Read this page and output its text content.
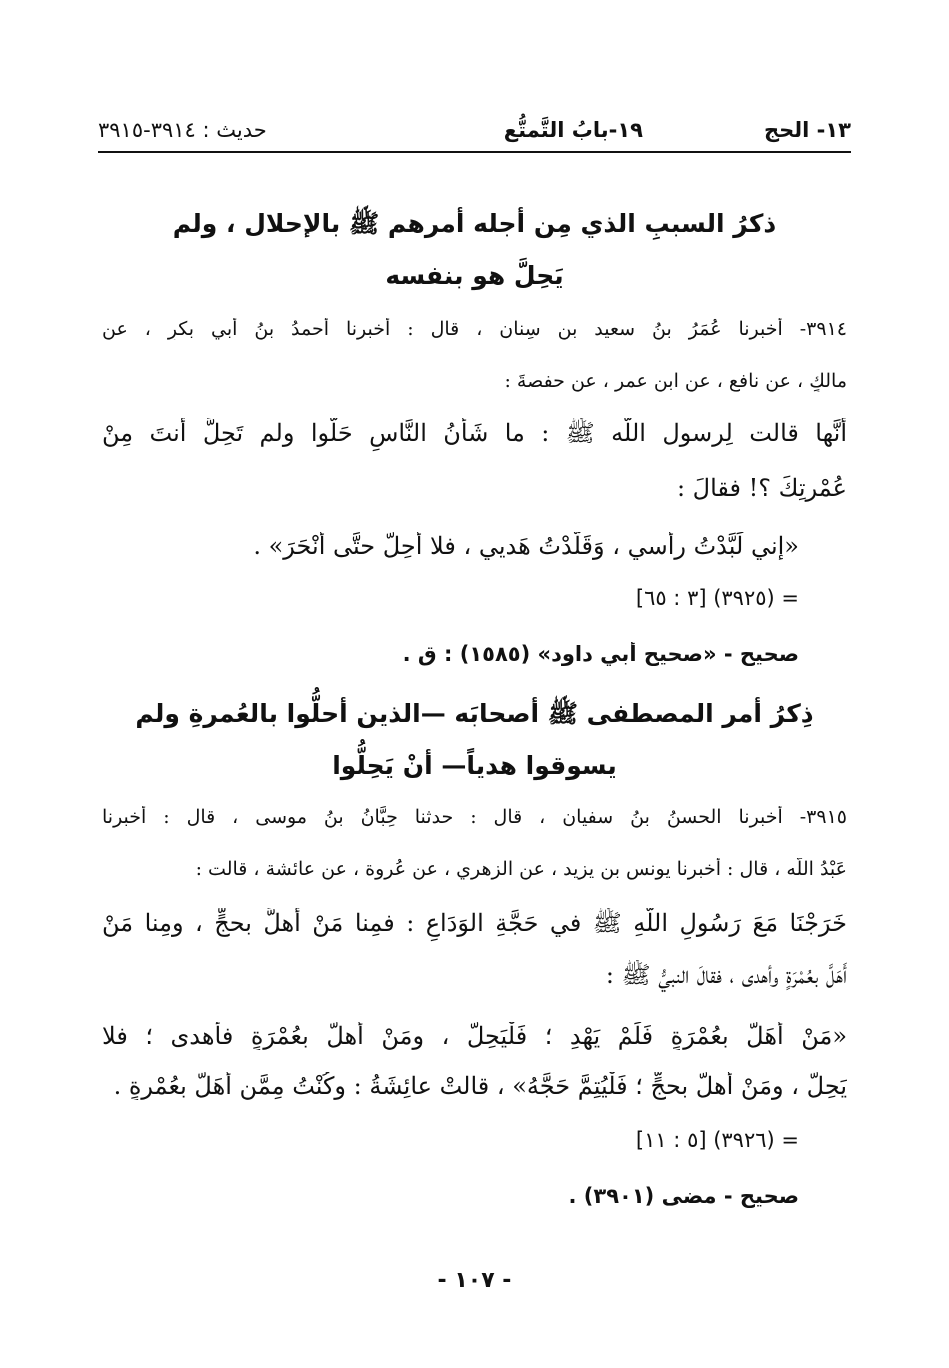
١٣- الحج
١٩-بابُ التَّمتُّع
حديث : ٣٩١٤-٣٩١٥
ذكرُ السببِ الذي مِن أجله أمرهم ﷺ بالإحلال ، ولم
يَحِلَّ هو بنفسه
٣٩١٤- أخبرنا عُمَرُ بنُ سعيد بن سِنان ، قال : أخبرنا أحمدُ بنُ أبي بكرٍ ، عن
مالكٍ ، عن نافعٍ ، عن ابنِ عمر ، عن حفصةَ :
أنَّها قالت لِرسول اللَّه ﷺ : ما شَأْنُ النَّاسِ حَلُّوا ولم تَحِلَّ أنتَ مِنْ
عُمْرتِكَ ؟! فقالَ :
«إني لَبَّدْتُ رأسي ، وَقَلَّدْتُ هَديي ، فلا أَحِلُّ حتَّى أَنْحَرَ» .
= (٣٩٢٥) [٣ : ٦٥]
صحيح - «صحيح أبي داود» (١٥٨٥) : ق .
ذِكرُ أمر المصطفى ﷺ أصحابَه —الذين أحلُّوا بالعُمرةِ ولم
يسوقوا هدياً— أنْ يَحِلُّوا
٣٩١٥- أخبرنا الحسنُ بنُ سفيان ، قال : حدثنا حِبَّانُ بنُ موسى ، قال : أخبرنا
عَبْدُ اللَّه ، قال : أخبرنا يونس بن يزيد ، عن الزهري ، عن عُروة ، عن عائشة ، قالت :
خَرَجْنَا مَعَ رَسُولِ اللَّهِ ﷺ في حَجَّةِ الوَدَاعِ : فمِنا مَنْ أهلَّ بحجٍّ ، ومِنا مَنْ
أَهَلَّ بعُمْرَةٍ وأهدى ، فقالَ النبيُّ ﷺ :
«مَنْ أَهَلَّ بعُمْرَةٍ فَلَمْ يَهْدِ ؛ فَلْيَحِلَّ ، ومَنْ أَهلَّ بعُمْرَةٍ فأهدى ؛ فلا
يَحِلَّ ، ومَنْ أهلَّ بحجٍّ ؛ فَلْيُتِمَّ حَجَّهُ» ، قالتْ عائِشَةُ : وكُنْتُ مِمَّن أَهَلَّ بعُمْرةٍ .
= (٣٩٢٦) [٥ : ١١]
صحيح - مضى (٣٩٠١) .
- ١٠٧ -
